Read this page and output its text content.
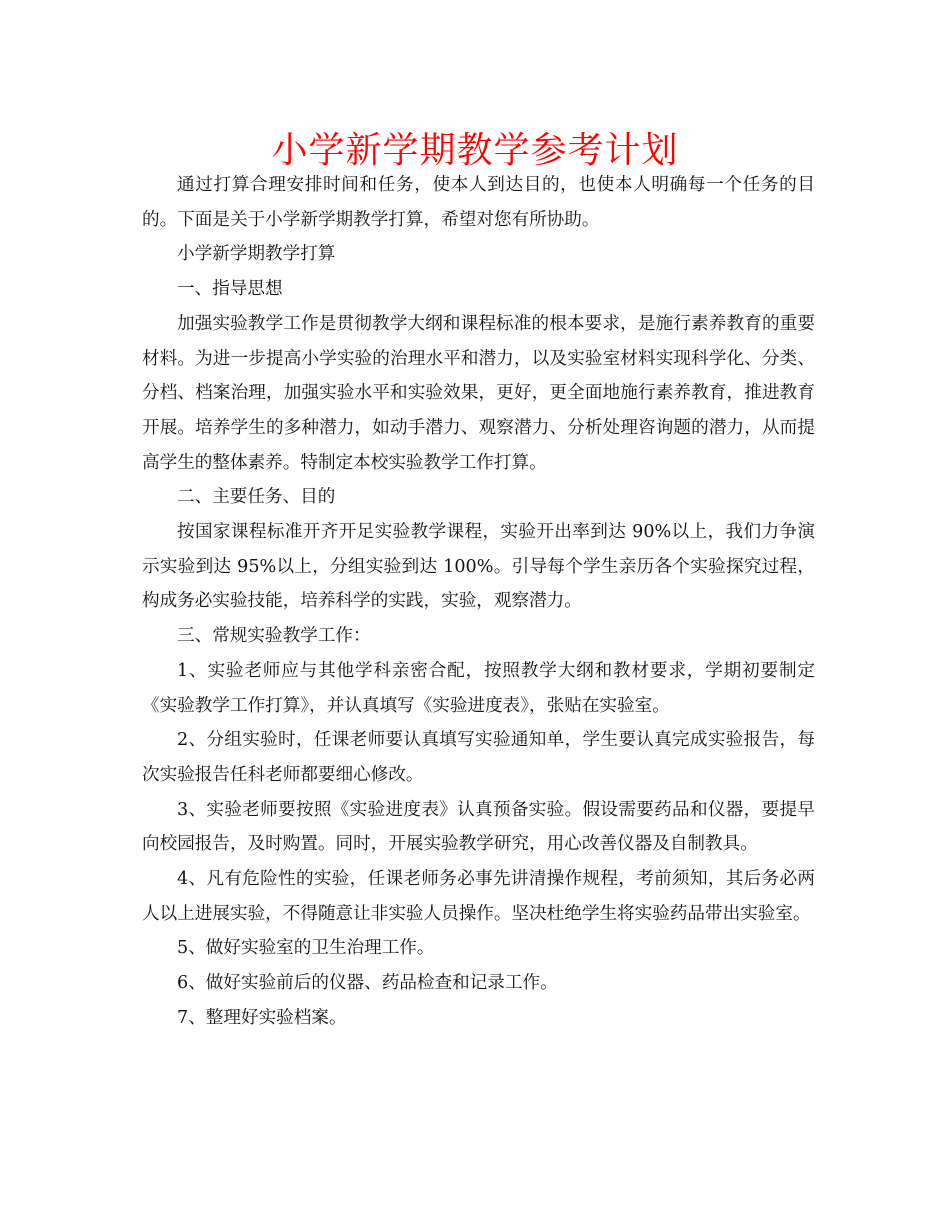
小学新学期教学参考计划

通过打算合理安排时间和任务，使本人到达目的，也使本人明确每一个任务的目的。下面是关于小学新学期教学打算，希望对您有所协助。

小学新学期教学打算

一、指导思想

加强实验教学工作是贯彻教学大纲和课程标准的根本要求，是施行素养教育的重要材料。为进一步提高小学实验的治理水平和潜力，以及实验室材料实现科学化、分类、分档、档案治理，加强实验水平和实验效果，更好，更全面地施行素养教育，推进教育开展。培养学生的多种潜力，如动手潜力、观察潜力、分析处理咨询题的潜力，从而提高学生的整体素养。特制定本校实验教学工作打算。

二、主要任务、目的

按国家课程标准开齐开足实验教学课程，实验开出率到达 90%以上，我们力争演示实验到达 95%以上，分组实验到达 100%。引导每个学生亲历各个实验探究过程，构成务必实验技能，培养科学的实践，实验，观察潜力。

三、常规实验教学工作：

1、实验老师应与其他学科亲密合配，按照教学大纲和教材要求，学期初要制定《实验教学工作打算》，并认真填写《实验进度表》，张贴在实验室。

2、分组实验时，任课老师要认真填写实验通知单，学生要认真完成实验报告，每次实验报告任科老师都要细心修改。

3、实验老师要按照《实验进度表》认真预备实验。假设需要药品和仪器，要提早向校园报告，及时购置。同时，开展实验教学研究，用心改善仪器及自制教具。

4、凡有危险性的实验，任课老师务必事先讲清操作规程，考前须知，其后务必两人以上进展实验，不得随意让非实验人员操作。坚决杜绝学生将实验药品带出实验室。

5、做好实验室的卫生治理工作。

6、做好实验前后的仪器、药品检查和记录工作。

7、整理好实验档案。
